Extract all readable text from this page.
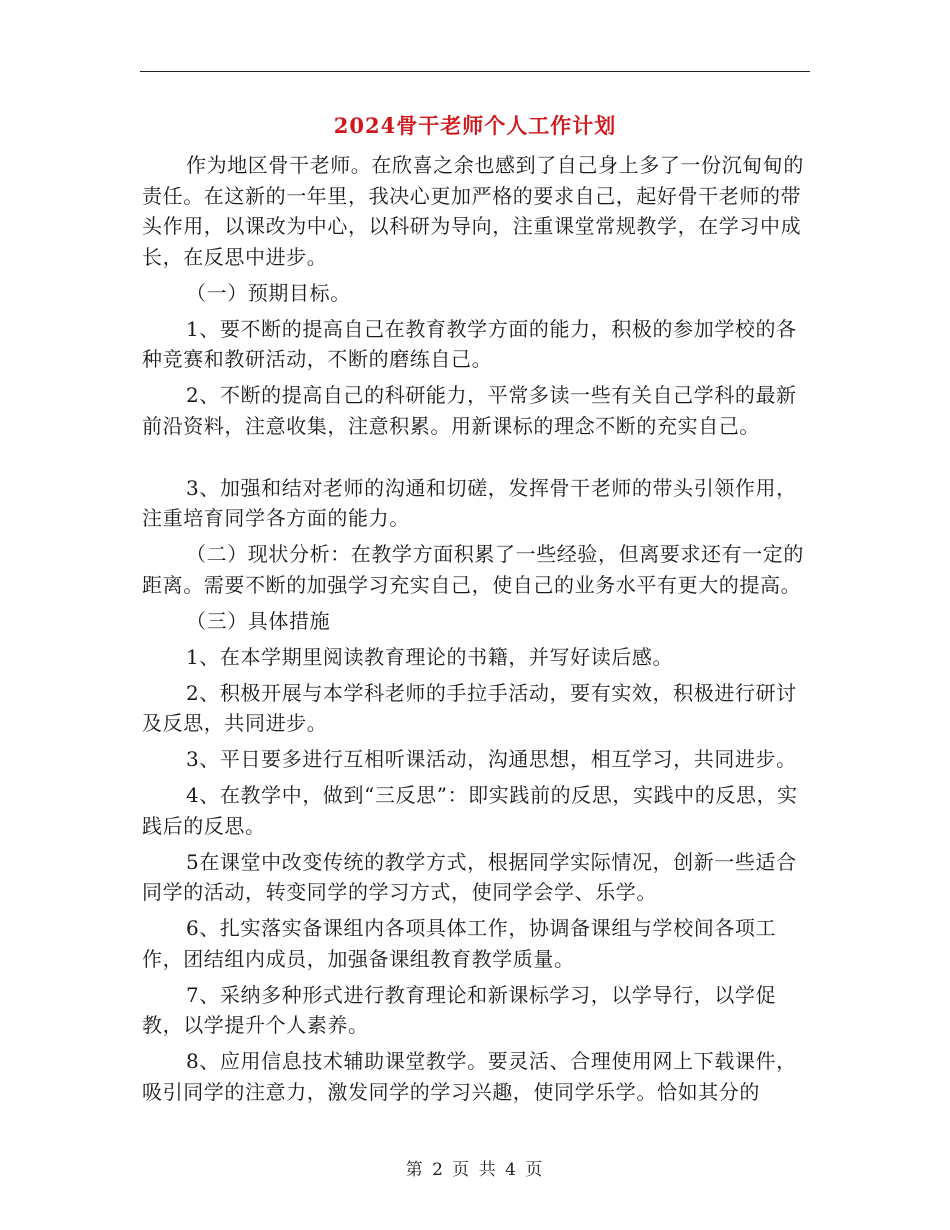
2024骨干老师个人工作计划

作为地区骨干老师。在欣喜之余也感到了自己身上多了一份沉甸甸的责任。在这新的一年里，我决心更加严格的要求自己，起好骨干老师的带头作用，以课改为中心，以科研为导向，注重课堂常规教学，在学习中成长，在反思中进步。

（一）预期目标。

1、要不断的提高自己在教育教学方面的能力，积极的参加学校的各种竞赛和教研活动，不断的磨练自己。

2、不断的提高自己的科研能力，平常多读一些有关自己学科的最新前沿资料，注意收集，注意积累。用新课标的理念不断的充实自己。

3、加强和结对老师的沟通和切磋，发挥骨干老师的带头引领作用，注重培育同学各方面的能力。

（二）现状分析：在教学方面积累了一些经验，但离要求还有一定的距离。需要不断的加强学习充实自己，使自己的业务水平有更大的提高。

（三）具体措施

1、在本学期里阅读教育理论的书籍，并写好读后感。

2、积极开展与本学科老师的手拉手活动，要有实效，积极进行研讨及反思，共同进步。

3、平日要多进行互相听课活动，沟通思想，相互学习，共同进步。

4、在教学中，做到“三反思”：即实践前的反思，实践中的反思，实践后的反思。

5在课堂中改变传统的教学方式，根据同学实际情况，创新一些适合同学的活动，转变同学的学习方式，使同学会学、乐学。

6、扎实落实备课组内各项具体工作，协调备课组与学校间各项工作，团结组内成员，加强备课组教育教学质量。

7、采纳多种形式进行教育理论和新课标学习，以学导行，以学促教，以学提升个人素养。

8、应用信息技术辅助课堂教学。要灵活、合理使用网上下载课件，吸引同学的注意力，激发同学的学习兴趣，使同学乐学。恰如其分的

第 2 页 共 4 页
